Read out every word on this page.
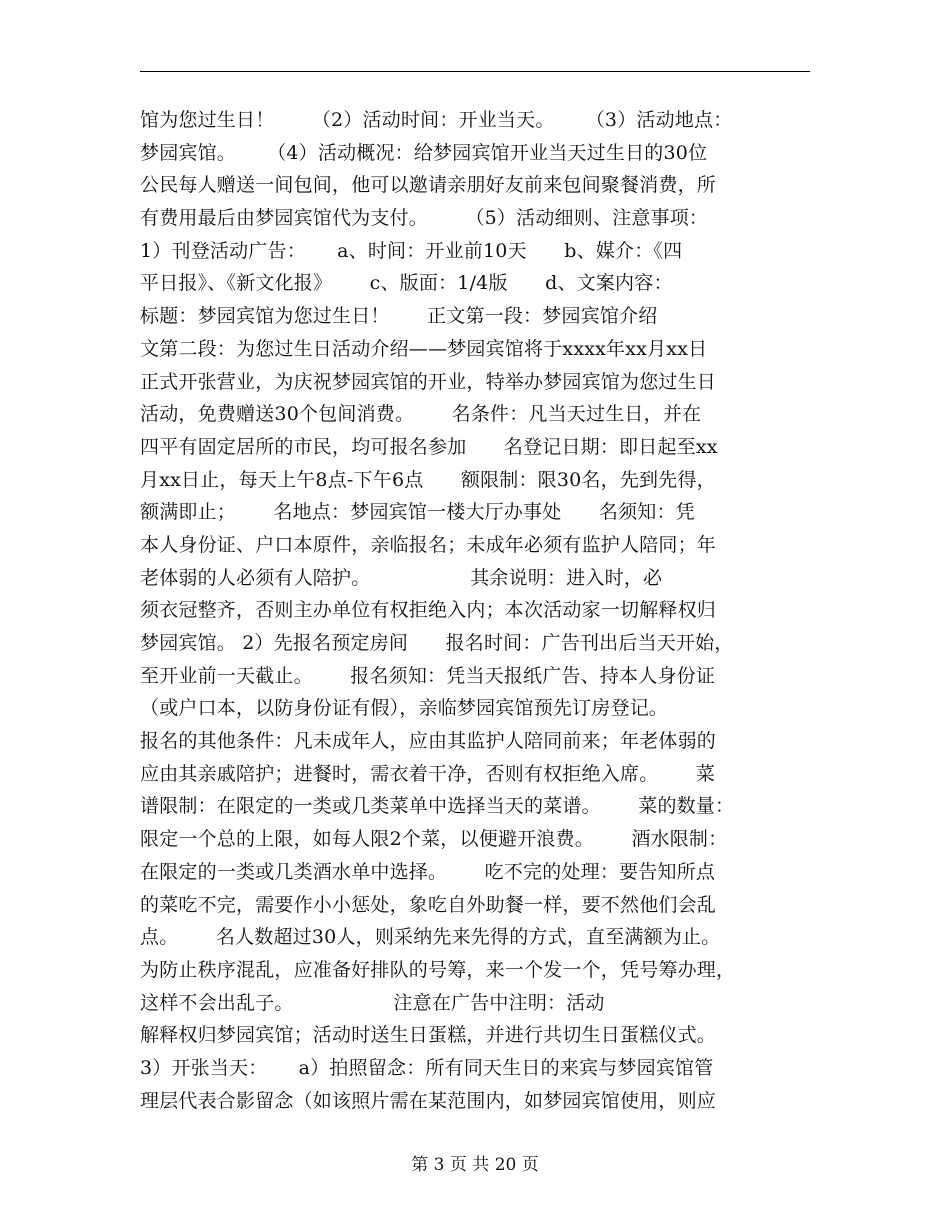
馆为您过生日！      （2）活动时间：开业当天。     （3）活动地点：
梦园宾馆。     （4）活动概况：给梦园宾馆开业当天过生日的30位
公民每人赠送一间包间，他可以邀请亲朋好友前来包间聚餐消费，所
有费用最后由梦园宾馆代为支付。      （5）活动细则、注意事项：
1）刊登活动广告：     a、时间：开业前10天      b、媒介：《四
平日报》、《新文化报》      c、版面：1/4版      d、文案内容：
标题：梦园宾馆为您过生日！      正文第一段：梦园宾馆介绍
文第二段：为您过生日活动介绍——梦园宾馆将于xxxx年xx月xx日
正式开张营业，为庆祝梦园宾馆的开业，特举办梦园宾馆为您过生日
活动，免费赠送30个包间消费。      名条件：凡当天过生日，并在
四平有固定居所的市民，均可报名参加      名登记日期：即日起至xx
月xx日止，每天上午8点-下午6点      额限制：限30名，先到先得，
额满即止；      名地点：梦园宾馆一楼大厅办事处      名须知：凭
本人身份证、户口本原件，亲临报名；未成年必须有监护人陪同；年
老体弱的人必须有人陪护。                其余说明：进入时，必
须衣冠整齐，否则主办单位有权拒绝入内；本次活动家一切解释权归
梦园宾馆。 2）先报名预定房间      报名时间：广告刊出后当天开始，
至开业前一天截止。      报名须知：凭当天报纸广告、持本人身份证
（或户口本，以防身份证有假），亲临梦园宾馆预先订房登记。
报名的其他条件：凡未成年人，应由其监护人陪同前来；年老体弱的
应由其亲戚陪护；进餐时，需衣着干净，否则有权拒绝入席。      菜
谱限制：在限定的一类或几类菜单中选择当天的菜谱。      菜的数量：
限定一个总的上限，如每人限2个菜，以便避开浪费。      酒水限制：
在限定的一类或几类酒水单中选择。      吃不完的处理：要告知所点
的菜吃不完，需要作小小惩处，象吃自外助餐一样，要不然他们会乱
点。      名人数超过30人，则采纳先来先得的方式，直至满额为止。
为防止秩序混乱，应准备好排队的号筹，来一个发一个，凭号筹办理，
这样不会出乱子。                注意在广告中注明：活动
解释权归梦园宾馆；活动时送生日蛋糕，并进行共切生日蛋糕仪式。
3）开张当天：     a）拍照留念：所有同天生日的来宾与梦园宾馆管
理层代表合影留念（如该照片需在某范围内，如梦园宾馆使用，则应
第 3 页 共 20 页
